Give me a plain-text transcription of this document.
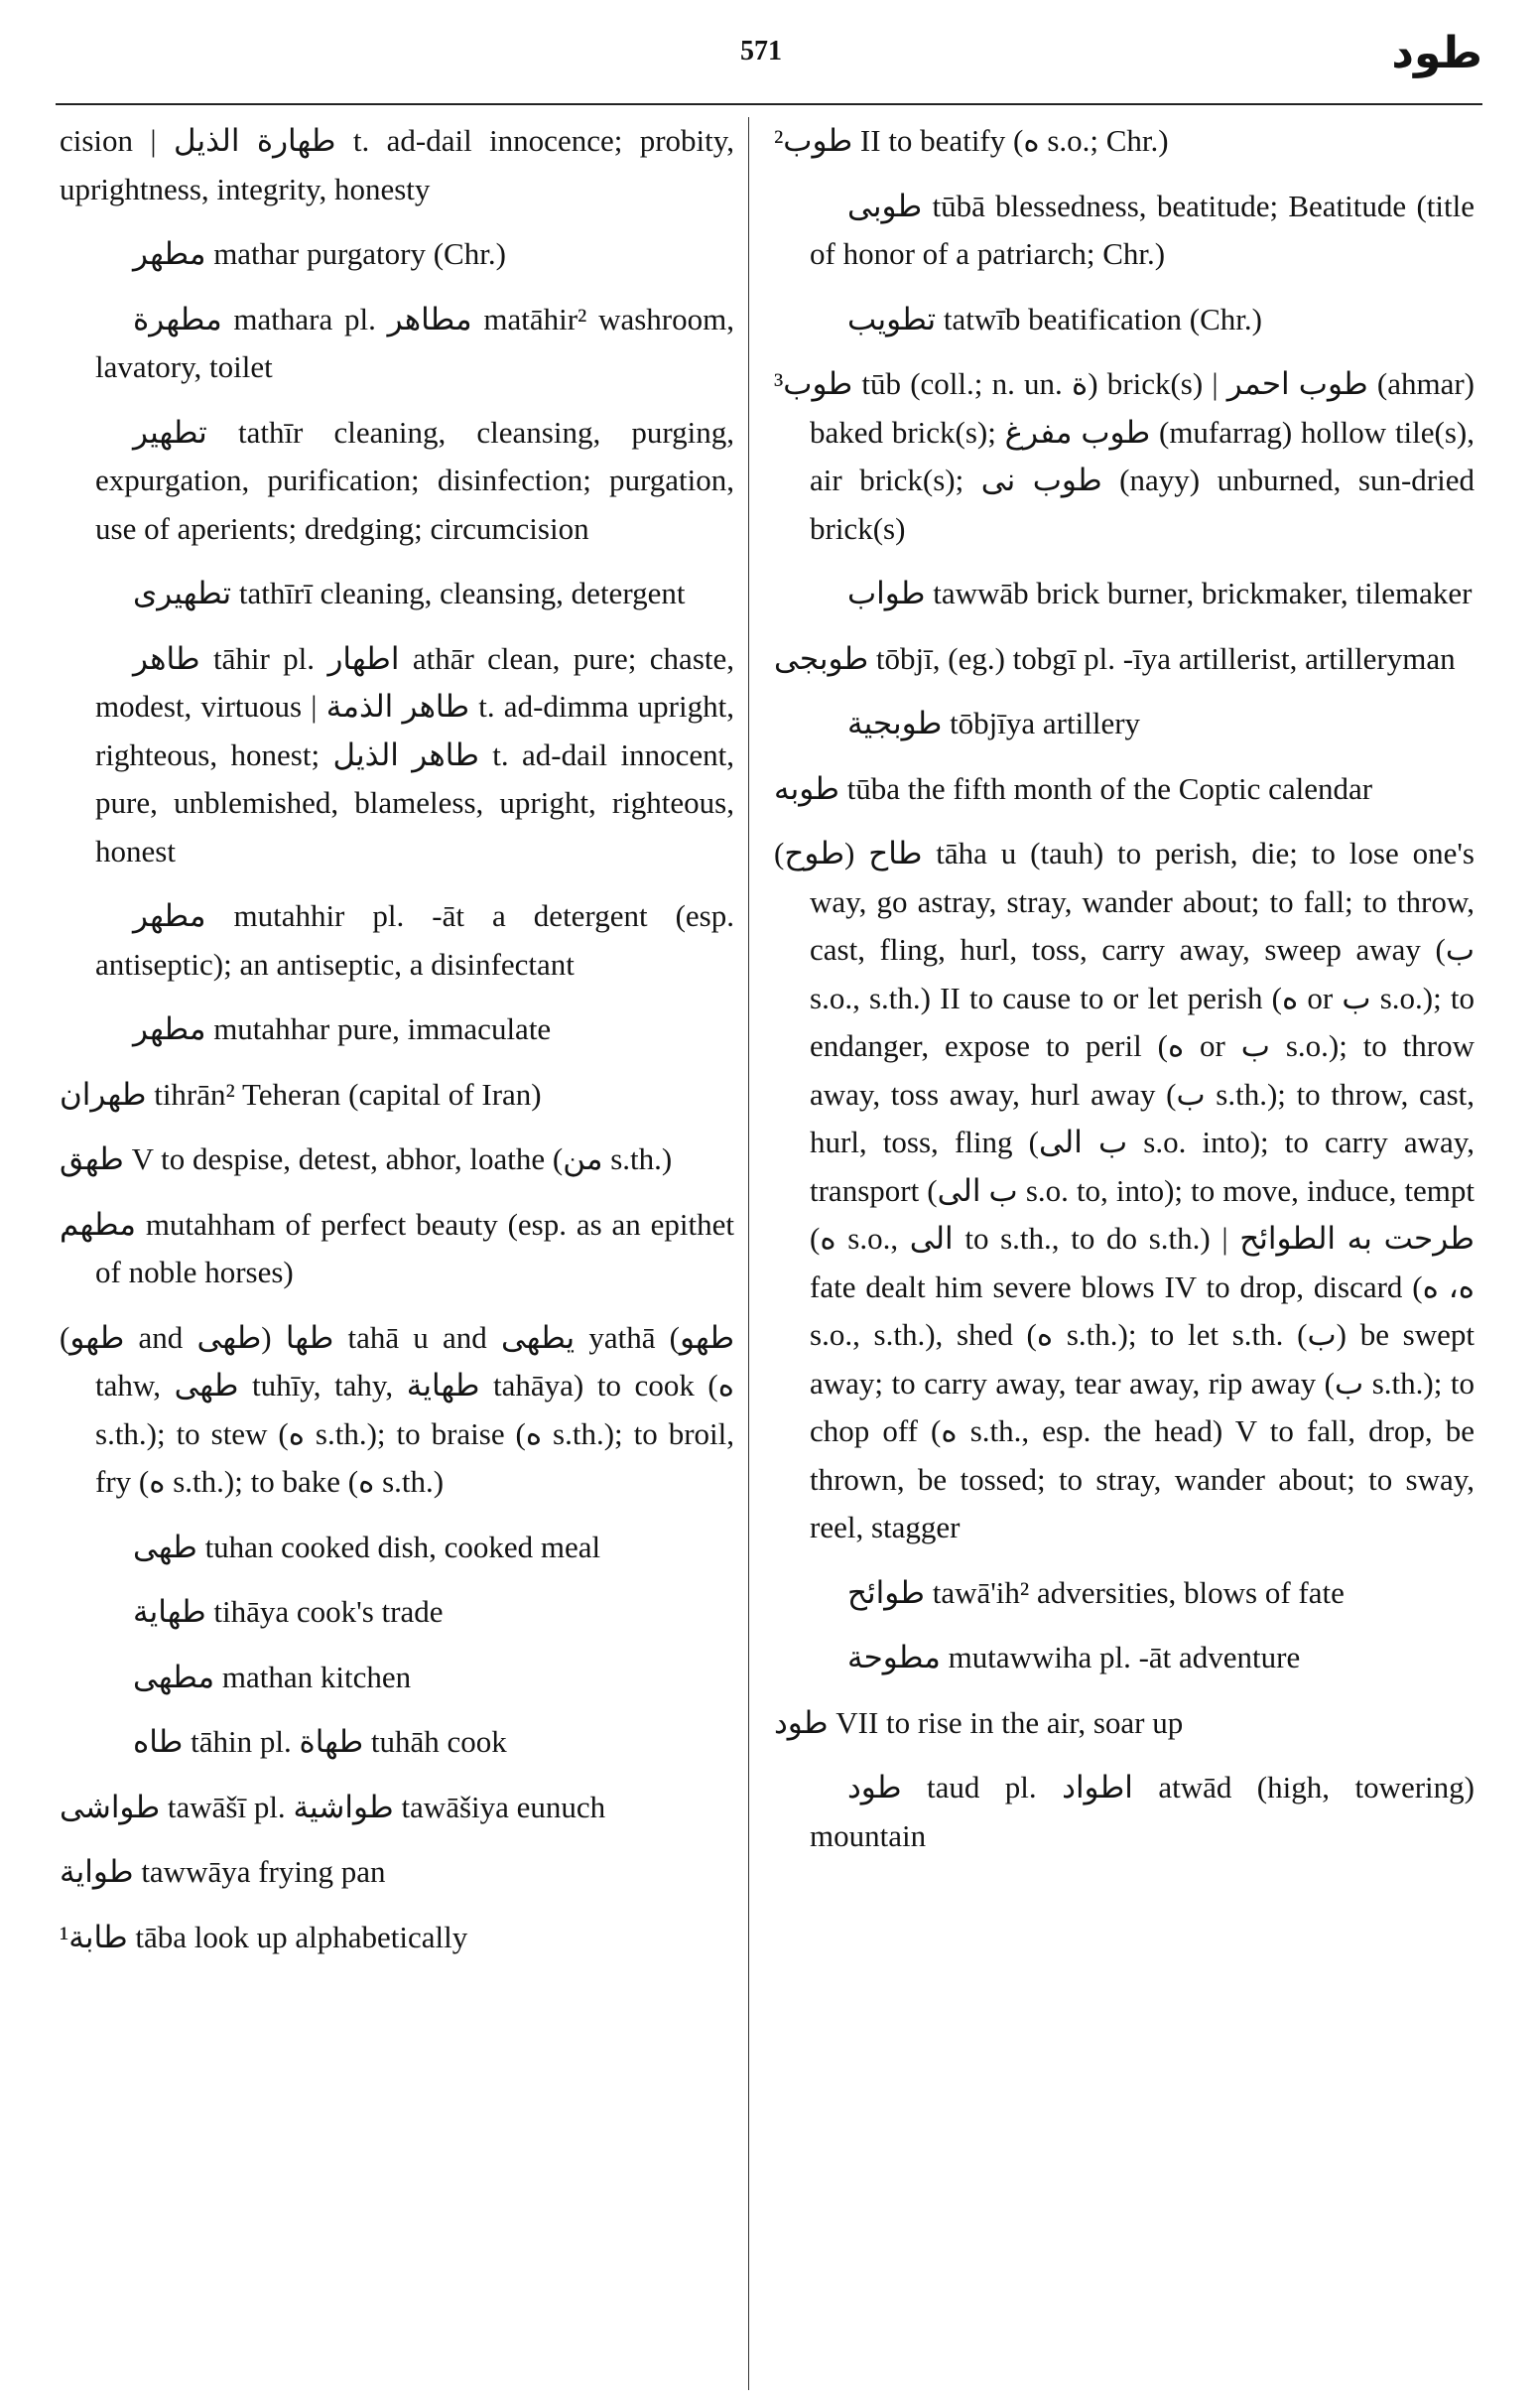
571	طود

cision | طهارة الذيل t. ad-dail innocence; probity, uprightness, integrity, honesty

مطهر mathar purgatory (Chr.)

مطهرة mathara pl. مطاهر matāhir² washroom, lavatory, toilet

تطهير tathīr cleaning, cleansing, purging, expurgation, purification; disinfection; purgation, use of aperients; dredging; circumcision

تطهيرى tathīrī cleaning, cleansing, detergent

طاهر tāhir pl. اطهار athār clean, pure; chaste, modest, virtuous | طاهر الذمة t. ad-dimma upright, righteous, honest; طاهر الذيل t. ad-dail innocent, pure, unblemished, blameless, upright, righteous, honest

مطهر mutahhir pl. -āt a detergent (esp. antiseptic); an antiseptic, a disinfectant

مطهر mutahhar pure, immaculate

طهران tihrān² Teheran (capital of Iran)

طهق V to despise, detest, abhor, loathe (من s.th.)

مطهم mutahham of perfect beauty (esp. as an epithet of noble horses)

(طهو and طهى) طها tahā u and يطهى yathā (طهو tahw, طهى tuhīy, tahy, طهاية tahāya) to cook (ه s.th.); to stew (ه s.th.); to braise (ه s.th.); to broil, fry (ه s.th.); to bake (ه s.th.)

طهى tuhan cooked dish, cooked meal

طهاية tihāya cook's trade

مطهى mathan kitchen

طاه tāhin pl. طهاة tuhāh cook

طواشى tawāšī pl. طواشية tawāšiya eunuch

طواية tawwāya frying pan

¹طابة tāba look up alphabetically

²طوب II to beatify (ه s.o.; Chr.)

طوبى tūbā blessedness, beatitude; Beatitude (title of honor of a patriarch; Chr.)

تطويب tatwīb beatification (Chr.)

³طوب tūb (coll.; n. un. ة) brick(s) | طوب احمر (ahmar) baked brick(s); طوب مفرغ (mufarrag) hollow tile(s), air brick(s); طوب نى (nayy) unburned, sun-dried brick(s)

طواب tawwāb brick burner, brickmaker, tilemaker

طوبجى tōbjī, (eg.) tobgī pl. -īya artillerist, artilleryman

طوبجية tōbjīya artillery

طوبه tūba the fifth month of the Coptic calendar

(طوح) طاح tāha u (tauh) to perish, die; to lose one's way, go astray, stray, wander about; to fall; to throw, cast, fling, hurl, toss, carry away, sweep away (ب s.o., s.th.) II to cause to or let perish (ه or ب s.o.); to endanger, expose to peril (ه or ب s.o.); to throw away, toss away, hurl away (ب s.th.); to throw, cast, hurl, toss, fling (ب الى s.o. into); to carry away, transport (ب الى s.o. to, into); to move, induce, tempt (ه s.o., الى to s.th., to do s.th.) | طرحت به الطوائح fate dealt him severe blows IV to drop, discard (ه، ه s.o., s.th.), shed (ه s.th.); to let s.th. (ب) be swept away; to carry away, tear away, rip away (ب s.th.); to chop off (ه s.th., esp. the head) V to fall, drop, be thrown, be tossed; to stray, wander about; to sway, reel, stagger

طوائح tawā'ih² adversities, blows of fate

مطوحة mutawwiha pl. -āt adventure

طود VII to rise in the air, soar up

طود taud pl. اطواد atwād (high, towering) mountain
